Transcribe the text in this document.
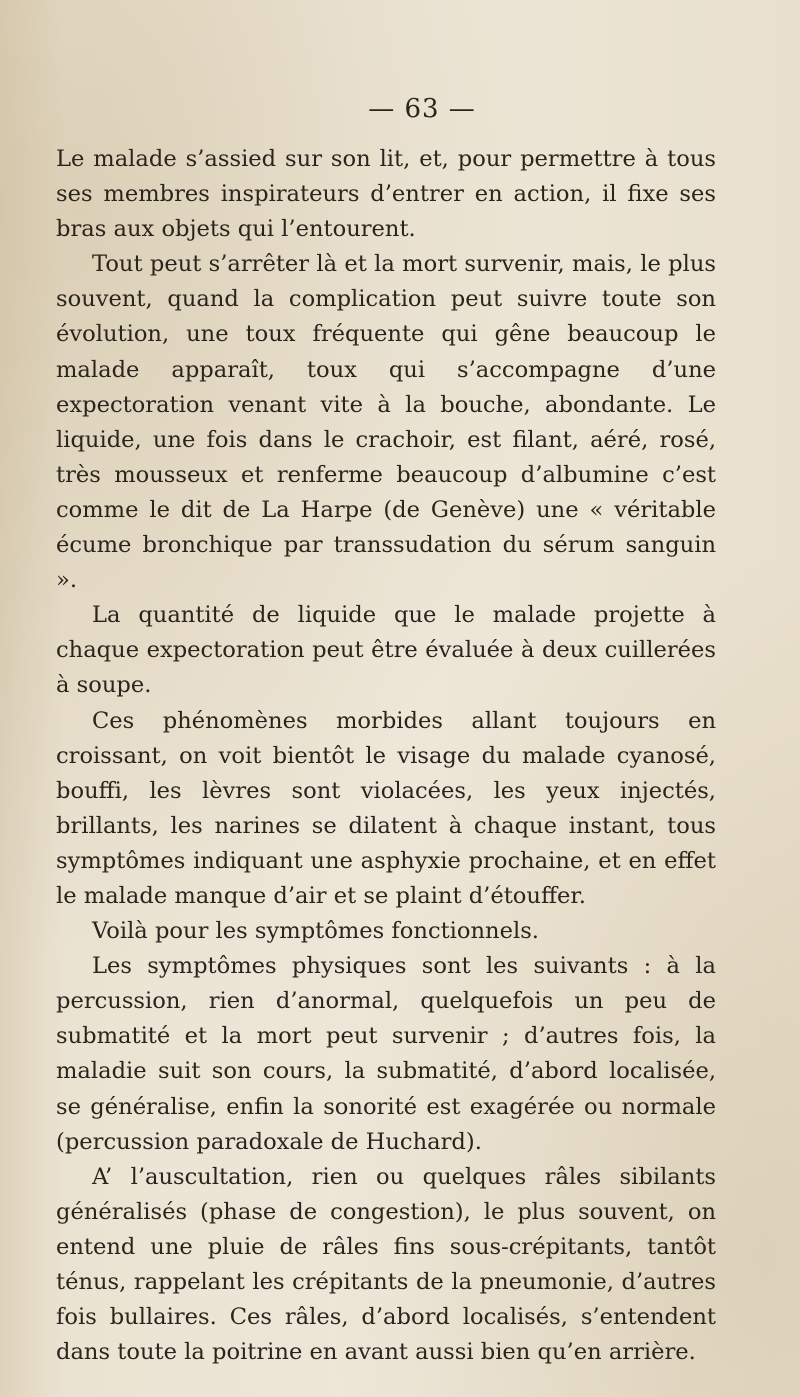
— 63 —

Le malade s’assied sur son lit, et, pour permettre à tous ses membres inspirateurs d’entrer en action, il fixe ses bras aux objets qui l’entourent.

Tout peut s’arrêter là et la mort survenir, mais, le plus souvent, quand la complication peut suivre toute son évolution, une toux fréquente qui gêne beaucoup le malade apparaît, toux qui s’accompagne d’une expectoration venant vite à la bouche, abondante. Le liquide, une fois dans le crachoir, est filant, aéré, rosé, très mousseux et renferme beaucoup d’albumine c’est comme le dit de La Harpe (de Genève) une « véritable écume bronchique par transsudation du sérum sanguin ».

La quantité de liquide que le malade projette à chaque expectoration peut être évaluée à deux cuillerées à soupe.

Ces phénomènes morbides allant toujours en croissant, on voit bientôt le visage du malade cyanosé, bouffi, les lèvres sont violacées, les yeux injectés, brillants, les narines se dilatent à chaque instant, tous symptômes indiquant une asphyxie prochaine, et en effet le malade manque d’air et se plaint d’étouffer.

Voilà pour les symptômes fonctionnels.

Les symptômes physiques sont les suivants : à la percussion, rien d’anormal, quelquefois un peu de submatité et la mort peut survenir ; d’autres fois, la maladie suit son cours, la submatité, d’abord localisée, se généralise, enfin la sonorité est exagérée ou normale (percussion paradoxale de Huchard).

A’ l’auscultation, rien ou quelques râles sibilants généralisés (phase de congestion), le plus souvent, on entend une pluie de râles fins sous-crépitants, tantôt ténus, rappelant les crépitants de la pneumonie, d’autres fois bullaires. Ces râles, d’abord localisés, s’entendent dans toute la poitrine en avant aussi bien qu’en arrière.
